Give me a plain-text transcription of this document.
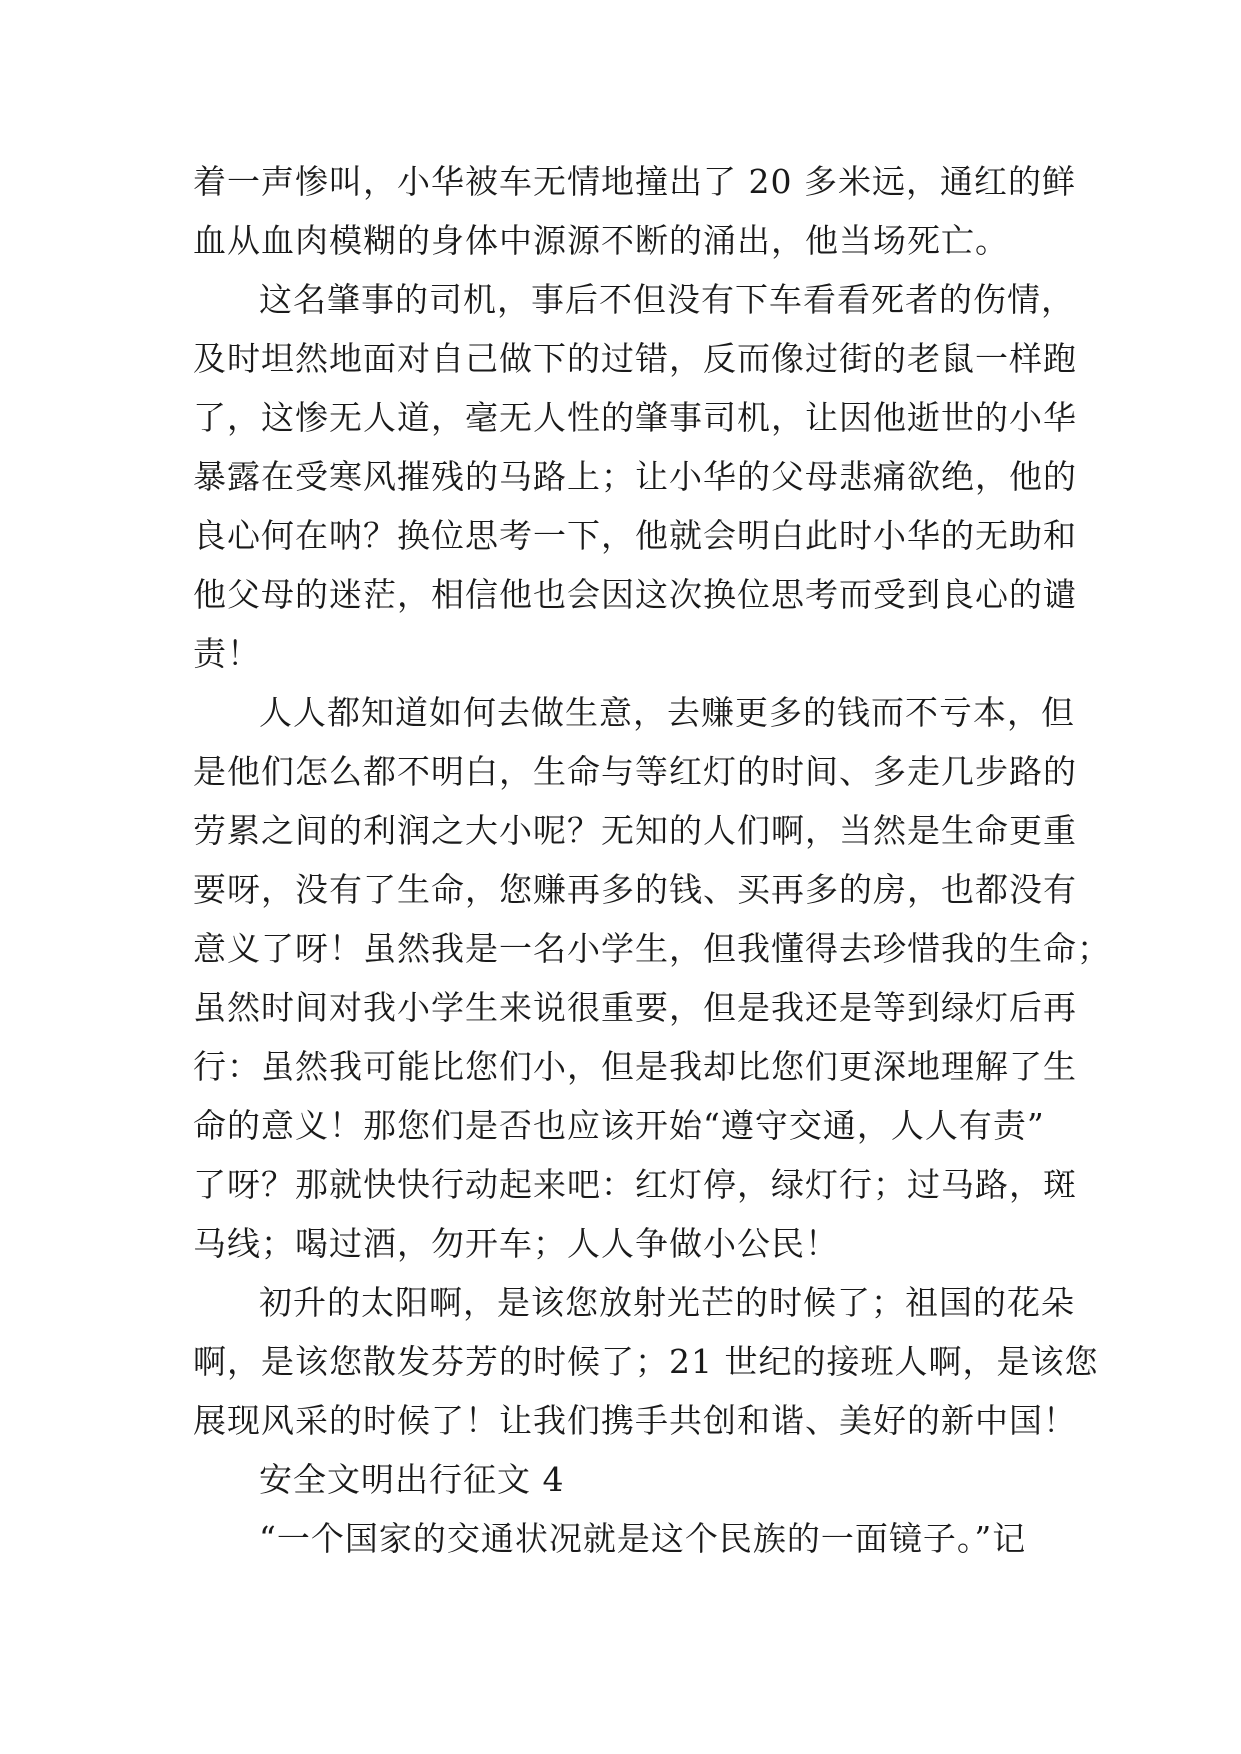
着一声惨叫，小华被车无情地撞出了 20 多米远，通红的鲜
血从血肉模糊的身体中源源不断的涌出，他当场死亡。
这名肇事的司机，事后不但没有下车看看死者的伤情，
及时坦然地面对自己做下的过错，反而像过街的老鼠一样跑
了，这惨无人道，毫无人性的肇事司机，让因他逝世的小华
暴露在受寒风摧残的马路上；让小华的父母悲痛欲绝，他的
良心何在呐？换位思考一下，他就会明白此时小华的无助和
他父母的迷茫，相信他也会因这次换位思考而受到良心的谴
责！
人人都知道如何去做生意，去赚更多的钱而不亏本，但
是他们怎么都不明白，生命与等红灯的时间、多走几步路的
劳累之间的利润之大小呢？无知的人们啊，当然是生命更重
要呀，没有了生命，您赚再多的钱、买再多的房，也都没有
意义了呀！虽然我是一名小学生，但我懂得去珍惜我的生命；
虽然时间对我小学生来说很重要，但是我还是等到绿灯后再
行：虽然我可能比您们小，但是我却比您们更深地理解了生
命的意义！那您们是否也应该开始“遵守交通，人人有责”
了呀？那就快快行动起来吧：红灯停，绿灯行；过马路，斑
马线；喝过酒，勿开车；人人争做小公民！
初升的太阳啊，是该您放射光芒的时候了；祖国的花朵
啊，是该您散发芬芳的时候了；21 世纪的接班人啊，是该您
展现风采的时候了！让我们携手共创和谐、美好的新中国！
安全文明出行征文 4
“一个国家的交通状况就是这个民族的一面镜子。”记
